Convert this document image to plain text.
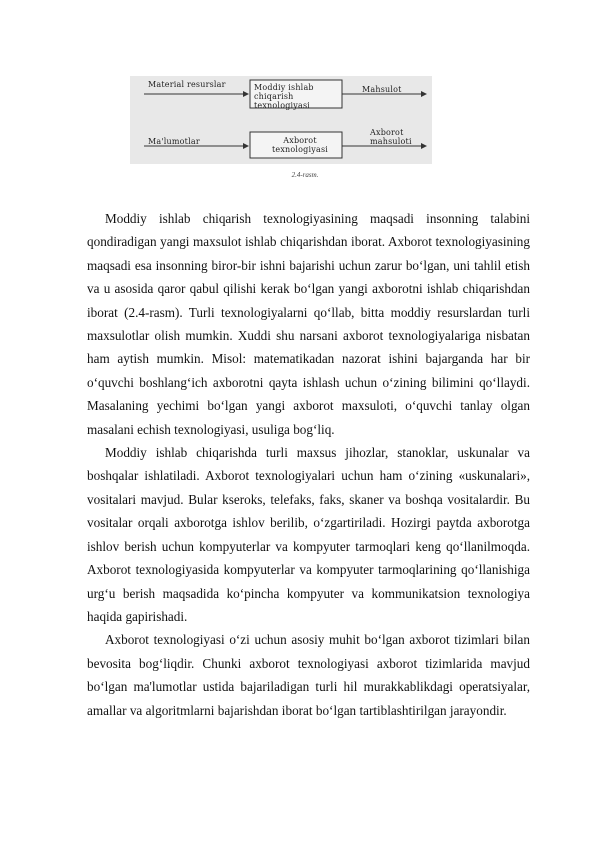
Material resurslar	Moddiy ishlab chiqarish texnologiyasi
Mahsulot
Ma'lumotlar	Axborot texnologiyasi
Axborot mahsuloti
2.4-rasm.

Moddiy ishlab chiqarish texnologiyasining maqsadi insonning talabini qondiradigan yangi maxsulot ishlab chiqarishdan iborat. Axborot texnologiyasining maqsadi esa insonning biror-bir ishni bajarishi uchun zarur bo‘lgan, uni tahlil etish va u asosida qaror qabul qilishi kerak bo‘lgan yangi axborotni ishlab chiqarishdan iborat (2.4-rasm). Turli texnologiyalarni qo‘llab, bitta moddiy resurslardan turli maxsulotlar olish mumkin. Xuddi shu narsani axborot texnologiyalariga nisbatan ham aytish mumkin. Misol: matematikadan nazorat ishini bajarganda har bir o‘quvchi boshlang‘ich axborotni qayta ishlash uchun o‘zining bilimini qo‘llaydi. Masalaning yechimi bo‘lgan yangi axborot maxsuloti, o‘quvchi tanlay olgan masalani echish texnologiyasi, usuliga bog‘liq.

Moddiy ishlab chiqarishda turli maxsus jihozlar, stanoklar, uskunalar va boshqalar ishlatiladi. Axborot texnologiyalari uchun ham o‘zining «uskunalari», vositalari mavjud. Bular kseroks, telefaks, faks, skaner va boshqa vositalardir. Bu vositalar orqali axborotga ishlov berilib, o‘zgartiriladi. Hozirgi paytda axborotga ishlov berish uchun kompyuterlar va kompyuter tarmoqlari keng qo‘llanilmoqda. Axborot texnologiyasida kompyuterlar va kompyuter tarmoqlarining qo‘llanishiga urg‘u berish maqsadida ko‘pincha kompyuter va kommunikatsion texnologiya haqida gapirishadi.

Axborot texnologiyasi o‘zi uchun asosiy muhit bo‘lgan axborot tizimlari bilan bevosita bog‘liqdir. Chunki axborot texnologiyasi axborot tizimlarida mavjud bo‘lgan ma'lumotlar ustida bajariladigan turli hil murakkablikdagi operatsiyalar, amallar va algoritmlarni bajarishdan iborat bo‘lgan tartiblashtirilgan jarayondir.
